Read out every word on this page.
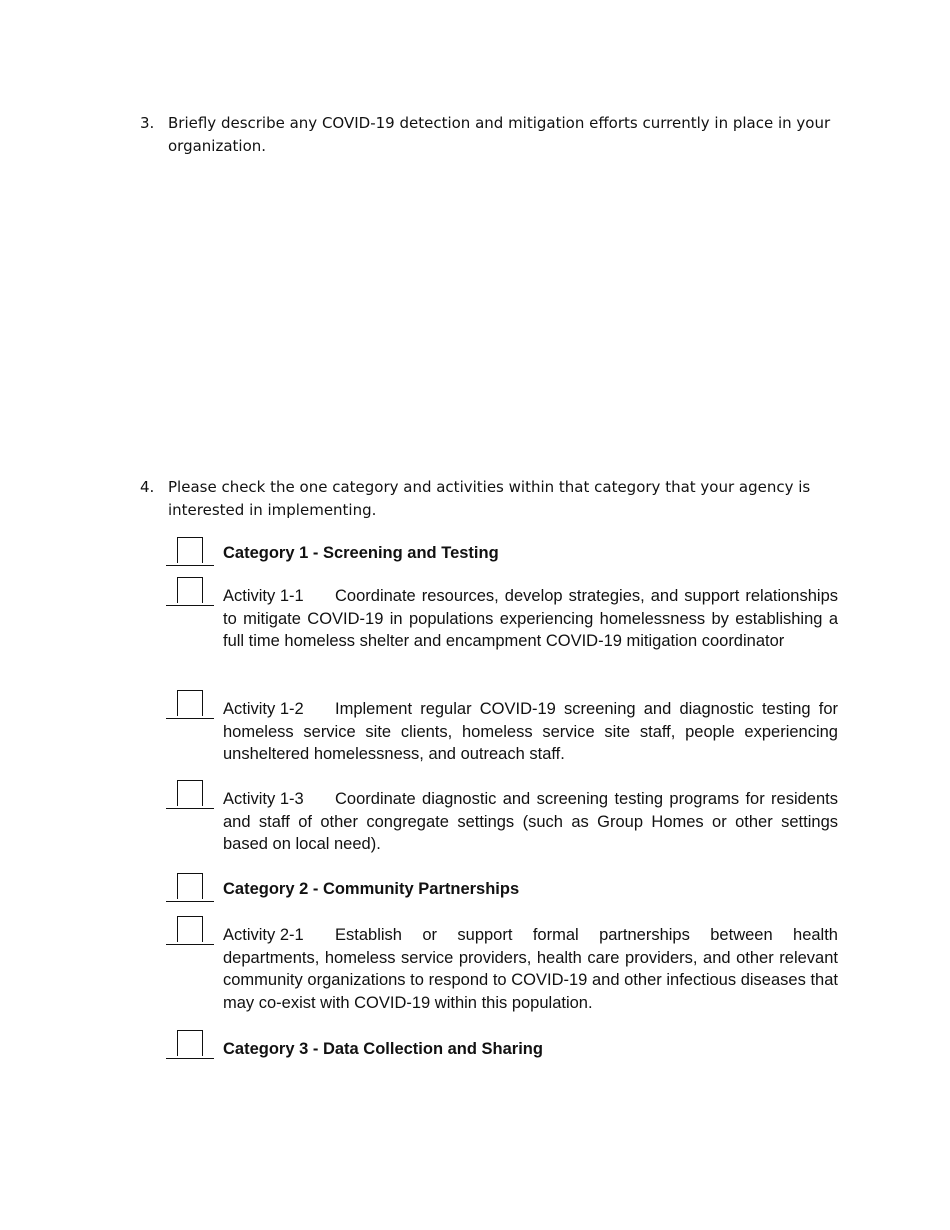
3. Briefly describe any COVID-19 detection and mitigation efforts currently in place in your organization.
4. Please check the one category and activities within that category that your agency is interested in implementing.
Category 1 - Screening and Testing
Activity 1-1 Coordinate resources, develop strategies, and support relationships to mitigate COVID-19 in populations experiencing homelessness by establishing a full time homeless shelter and encampment COVID-19 mitigation coordinator
Activity 1-2 Implement regular COVID-19 screening and diagnostic testing for homeless service site clients, homeless service site staff, people experiencing unsheltered homelessness, and outreach staff.
Activity 1-3 Coordinate diagnostic and screening testing programs for residents and staff of other congregate settings (such as Group Homes or other settings based on local need).
Category 2 - Community Partnerships
Activity 2-1 Establish or support formal partnerships between health departments, homeless service providers, health care providers, and other relevant community organizations to respond to COVID-19 and other infectious diseases that may co-exist with COVID-19 within this population.
Category 3 - Data Collection and Sharing
